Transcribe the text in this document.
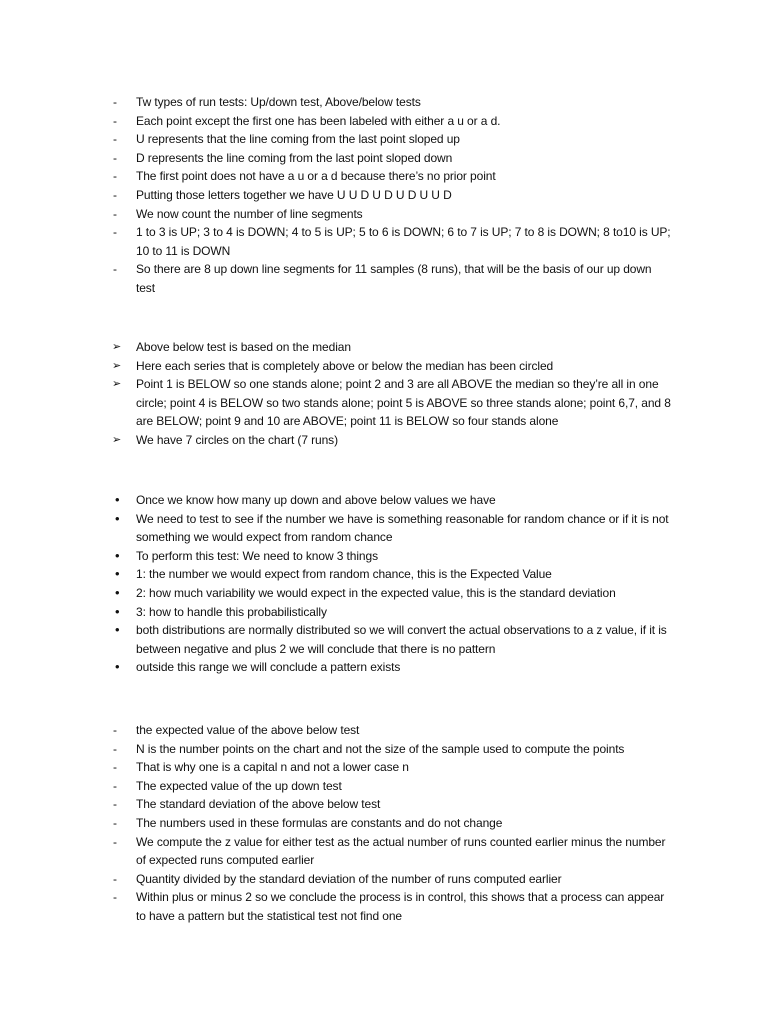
-	Tw types of run tests: Up/down test, Above/below tests
-	Each point except the first one has been labeled with either a u or a d.
-	U represents that the line coming from the last point sloped up
-	D represents the line coming from the last point sloped down
-	The first point does not have a u or a d because there’s no prior point
-	Putting those letters together we have U U D U D U D U U D
-	We now count the number of line segments
-	1 to 3 is UP; 3 to 4 is DOWN; 4 to 5 is UP; 5 to 6 is DOWN; 6 to 7 is UP; 7 to 8 is DOWN; 8 to10 is UP; 10 to 11 is DOWN
-	So there are 8 up down line segments for 11 samples (8 runs), that will be the basis of our up down test
➢	Above below test is based on the median
➢	Here each series that is completely above or below the median has been circled
➢	Point 1 is BELOW so one stands alone; point 2 and 3 are all ABOVE the median so they’re all in one circle; point 4 is BELOW so two stands alone; point 5 is ABOVE so three stands alone; point 6,7, and 8 are BELOW; point 9 and 10 are ABOVE; point 11 is BELOW so four stands alone
➢	We have 7 circles on the chart (7 runs)
•	Once we know how many up down and above below values we have
•	We need to test to see if the number we have is something reasonable for random chance or if it is not something we would expect from random chance
•	To perform this test: We need to know 3 things
•	1: the number we would expect from random chance, this is the Expected Value
•	2: how much variability we would expect in the expected value, this is the standard deviation
•	3: how to handle this probabilistically
•	both distributions are normally distributed so we will convert the actual observations to a z value, if it is between negative and plus 2 we will conclude that there is no pattern
•	outside this range we will conclude a pattern exists
-	the expected value of the above below test
-	N is the number points on the chart and not the size of the sample used to compute the points
-	That is why one is a capital n and not a lower case n
-	The expected value of the up down test
-	The standard deviation of the above below test
-	The numbers used in these formulas are constants and do not change
-	We compute the z value for either test as the actual number of runs counted earlier minus the number of expected runs computed earlier
-	Quantity divided by the standard deviation of the number of runs computed earlier
-	Within plus or minus 2 so we conclude the process is in control, this shows that a process can appear to have a pattern but the statistical test not find one
